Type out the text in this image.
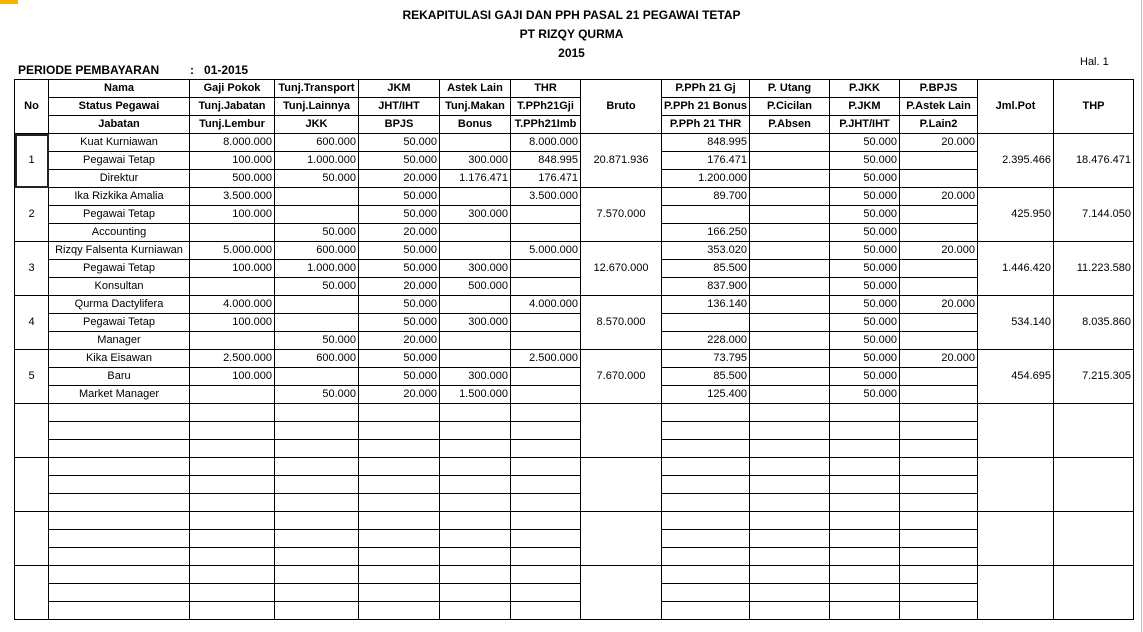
REKAPITULASI GAJI DAN PPH PASAL 21 PEGAWAI TETAP
PT RIZQY QURMA
2015
PERIODE PEMBAYARAN	: 01-2015
Hal. 1
No	Nama	Gaji Pokok	Tunj.Transport	JKM	Astek Lain	THR	Bruto	P.PPh 21 Gj	P. Utang	P.JKK	P.BPJS	Jml.Pot	THP
	Status Pegawai	Tunj.Jabatan	Tunj.Lainnya	JHT/IHT	Tunj.Makan	T.PPh21Gji		P.PPh 21 Bonus	P.Cicilan	P.JKM	P.Astek Lain		
	Jabatan	Tunj.Lembur	JKK	BPJS	Bonus	T.PPh21Imb		P.PPh 21 THR	P.Absen	P.JHT/IHT	P.Lain2		
1	Kuat Kurniawan	8.000.000	600.000	50.000		8.000.000	20.871.936	848.995		50.000	20.000	2.395.466	18.476.471
	Pegawai Tetap	100.000	1.000.000	50.000	300.000	848.995		176.471		50.000			
	Direktur	500.000	50.000	20.000	1.176.471	176.471		1.200.000		50.000			
2	Ika Rizkika Amalia	3.500.000		50.000		3.500.000	7.570.000	89.700		50.000	20.000	425.950	7.144.050
	Pegawai Tetap	100.000		50.000	300.000					50.000			
	Accounting		50.000	20.000				166.250		50.000			
3	Rizqy Falsenta Kurniawan	5.000.000	600.000	50.000		5.000.000	12.670.000	353.020		50.000	20.000	1.446.420	11.223.580
	Pegawai Tetap	100.000	1.000.000	50.000	300.000			85.500		50.000			
	Konsultan		50.000	20.000	500.000			837.900		50.000			
4	Qurma Dactylifera	4.000.000		50.000		4.000.000	8.570.000	136.140		50.000	20.000	534.140	8.035.860
	Pegawai Tetap	100.000		50.000	300.000					50.000			
	Manager		50.000	20.000				228.000		50.000			
5	Kika Eisawan	2.500.000	600.000	50.000		2.500.000	7.670.000	73.795		50.000	20.000	454.695	7.215.305
	Baru	100.000		50.000	300.000			85.500		50.000			
	Market Manager		50.000	20.000	1.500.000			125.400		50.000			
